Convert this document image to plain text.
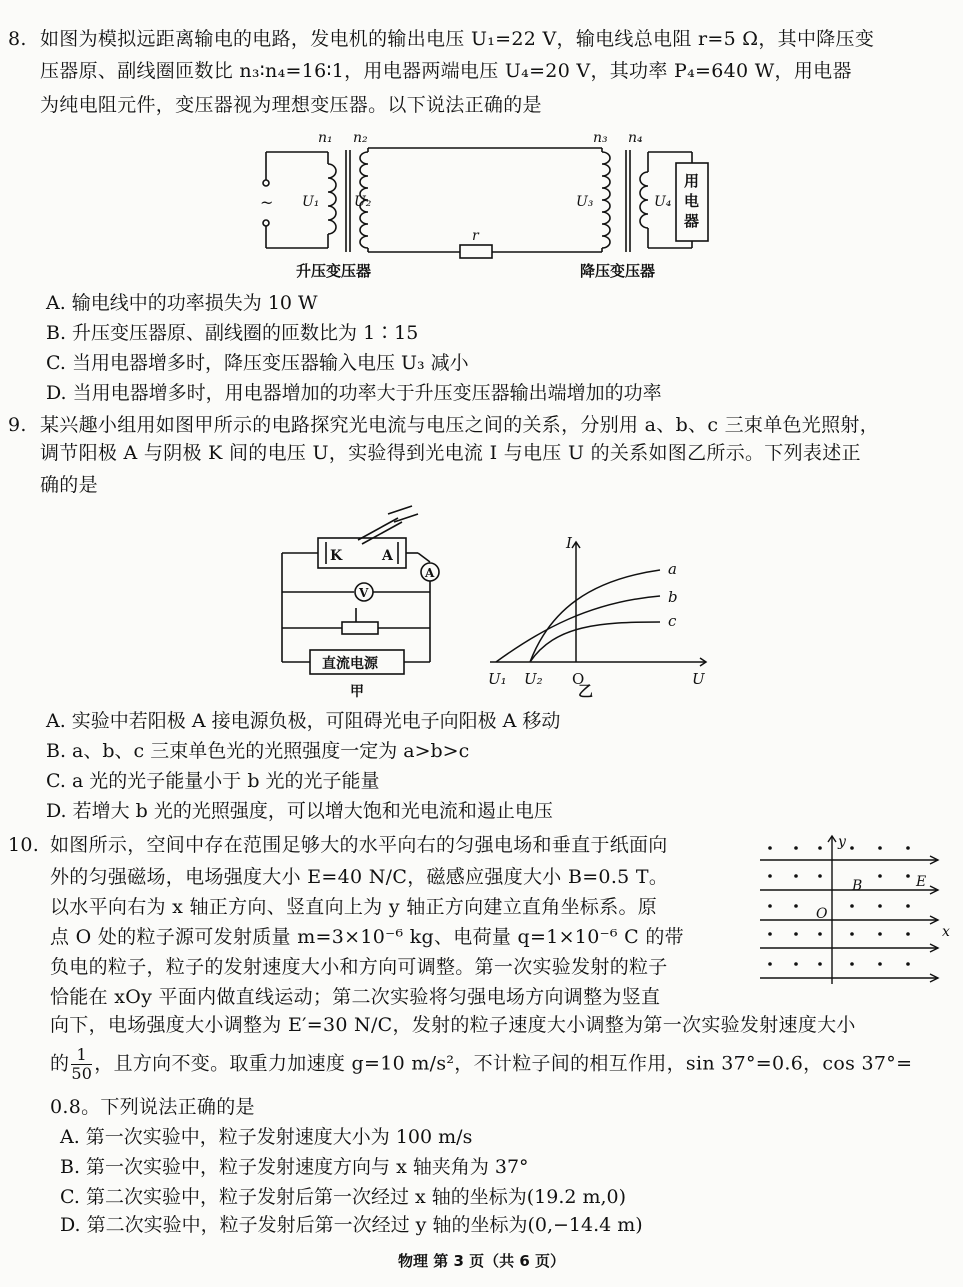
8. 如图为模拟远距离输电的电路，发电机的输出电压 U₁=22 V，输电线总电阻 r=5 Ω，其中降压变
压器原、副线圈匝数比 n₃∶n₄=16∶1，用电器两端电压 U₄=20 V，其功率 P₄=640 W，用电器
为纯电阻元件，变压器视为理想变压器。以下说法正确的是
n₁ n₂	n₃ n₄
U₁ U₂	U₃	U₄
r
~
用
电
器
升压变压器	降压变压器
A. 输电线中的功率损失为 10 W
B. 升压变压器原、副线圈的匝数比为 1∶15
C. 当用电器增多时，降压变压器输入电压 U₃ 减小
D. 当用电器增多时，用电器增加的功率大于升压变压器输出端增加的功率
9. 某兴趣小组用如图甲所示的电路探究光电流与电压之间的关系，分别用 a、b、c 三束单色光照射，
调节阳极 A 与阴极 K 间的电压 U，实验得到光电流 I 与电压 U 的关系如图乙所示。下列表述正
确的是
K	A
A
V
直流电源
甲
I
U
U₁ U₂ O
a
b
c
乙
A. 实验中若阳极 A 接电源负极，可阻碍光电子向阳极 A 移动
B. a、b、c 三束单色光的光照强度一定为 a>b>c
C. a 光的光子能量小于 b 光的光子能量
D. 若增大 b 光的光照强度，可以增大饱和光电流和遏止电压
10. 如图所示，空间中存在范围足够大的水平向右的匀强电场和垂直于纸面向
外的匀强磁场，电场强度大小 E=40 N/C，磁感应强度大小 B=0.5 T。
以水平向右为 x 轴正方向、竖直向上为 y 轴正方向建立直角坐标系。原
点 O 处的粒子源可发射质量 m=3×10⁻⁶ kg、电荷量 q=1×10⁻⁶ C 的带
负电的粒子，粒子的发射速度大小和方向可调整。第一次实验发射的粒子
恰能在 xOy 平面内做直线运动；第二次实验将匀强电场方向调整为竖直
向下，电场强度大小调整为 E′=30 N/C，发射的粒子速度大小调整为第一次实验发射速度大小
的 $\frac{1}{50}$ ，且方向不变。取重力加速度 g=10 m/s²，不计粒子间的相互作用，sin 37°=0.6，cos 37°=
0.8。下列说法正确的是
y
x
O
B	E
A. 第一次实验中，粒子发射速度大小为 100 m/s
B. 第一次实验中，粒子发射速度方向与 x 轴夹角为 37°
C. 第二次实验中，粒子发射后第一次经过 x 轴的坐标为(19.2 m,0)
D. 第二次实验中，粒子发射后第一次经过 y 轴的坐标为(0,−14.4 m)
物理 第 3 页（共 6 页）
